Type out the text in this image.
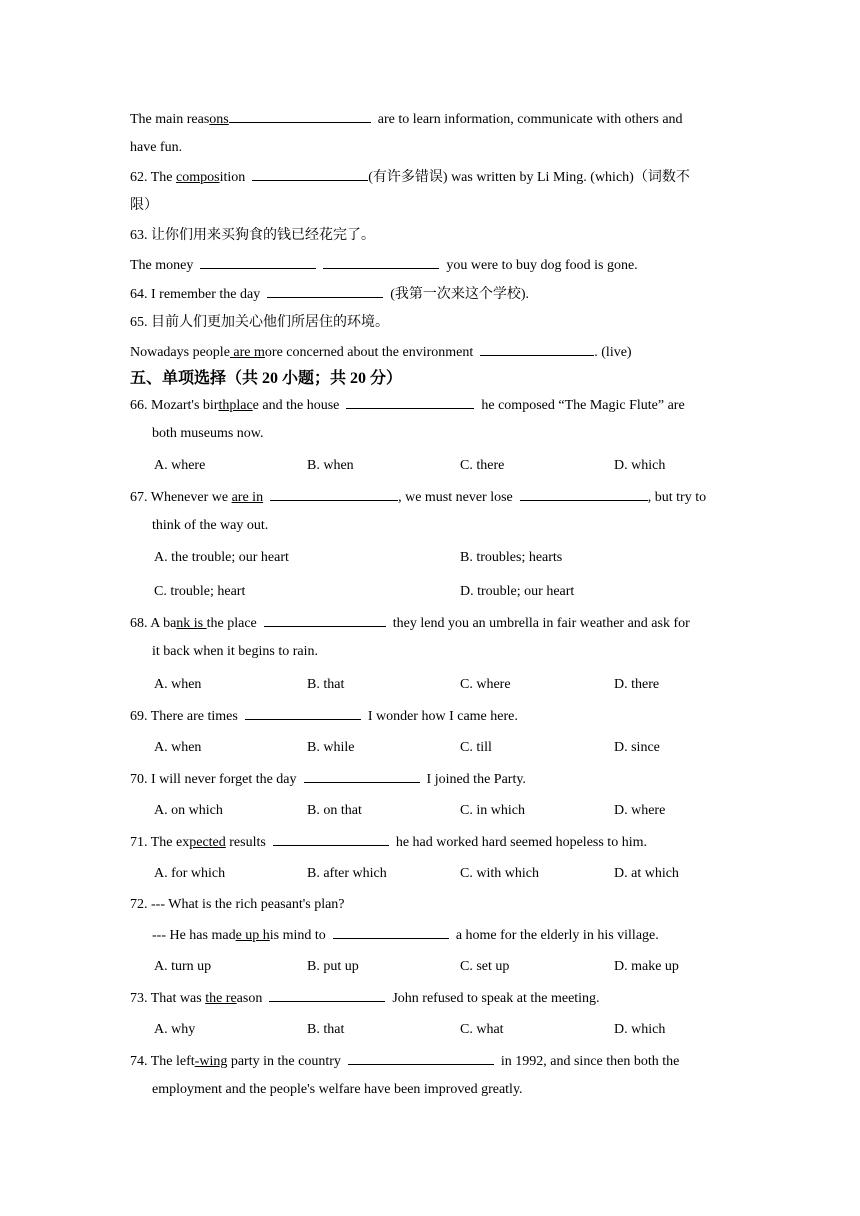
The main reasons	are to learn information, communicate with others and
have fun.
62. The composition	(有许多错误) was written by Li Ming. (which)（词数不
限）
63. 让你们用来买狗食的钱已经花完了。
The money	you were to buy dog food is gone.
64. I remember the day	(我第一次来这个学校).
65. 目前人们更加关心他们所居住的环境。
Nowadays people are more concerned about the environment	. (live)
五、单项选择（共 20 小题；共 20 分）
66. Mozart's birthplace and the house	he composed “The Magic Flute” are
both museums now.
A. where	B. when	C. there	D. which
67. Whenever we are in	, we must never lose	, but try to
think of the way out.
A. the trouble; our heart	B. troubles; hearts
C. trouble; heart	D. trouble; our heart
68. A bank is the place	they lend you an umbrella in fair weather and ask for
it back when it begins to rain.
A. when	B. that	C. where	D. there
69. There are times	I wonder how I came here.
A. when	B. while	C. till	D. since
70. I will never forget the day	I joined the Party.
A. on which	B. on that	C. in which	D. where
71. The expected results	he had worked hard seemed hopeless to him.
A. for which	B. after which	C. with which	D. at which
72. --- What is the rich peasant's plan?
--- He has made up his mind to	a home for the elderly in his village.
A. turn up	B. put up	C. set up	D. make up
73. That was the reason	John refused to speak at the meeting.
A. why	B. that	C. what	D. which
74. The left-wing party in the country	in 1992, and since then both the
employment and the people's welfare have been improved greatly.
